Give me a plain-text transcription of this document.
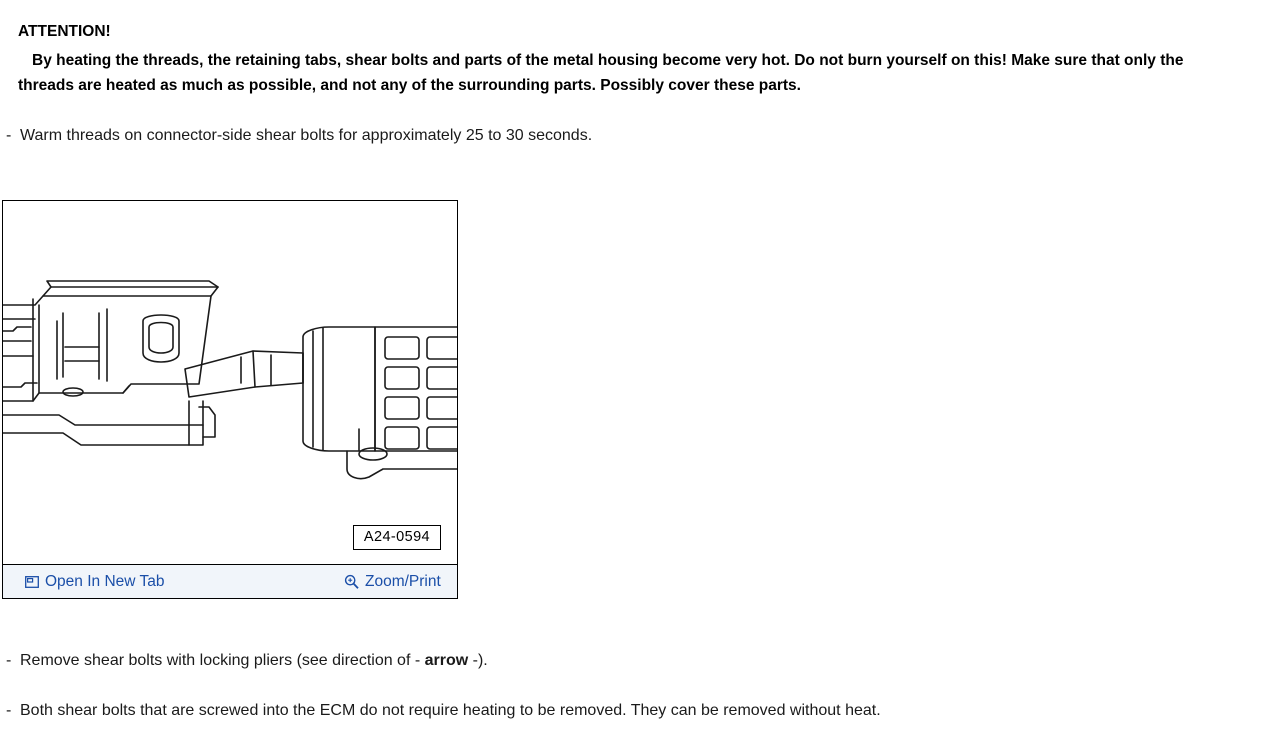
ATTENTION!
By heating the threads, the retaining tabs, shear bolts and parts of the metal housing become very hot. Do not burn yourself on this! Make sure that only the threads are heated as much as possible, and not any of the surrounding parts. Possibly cover these parts.
- Warm threads on connector-side shear bolts for approximately 25 to 30 seconds.
A24-0594
Open In New Tab	Zoom/Print
- Remove shear bolts with locking pliers (see direction of - arrow -).
- Both shear bolts that are screwed into the ECM do not require heating to be removed. They can be removed without heat.
